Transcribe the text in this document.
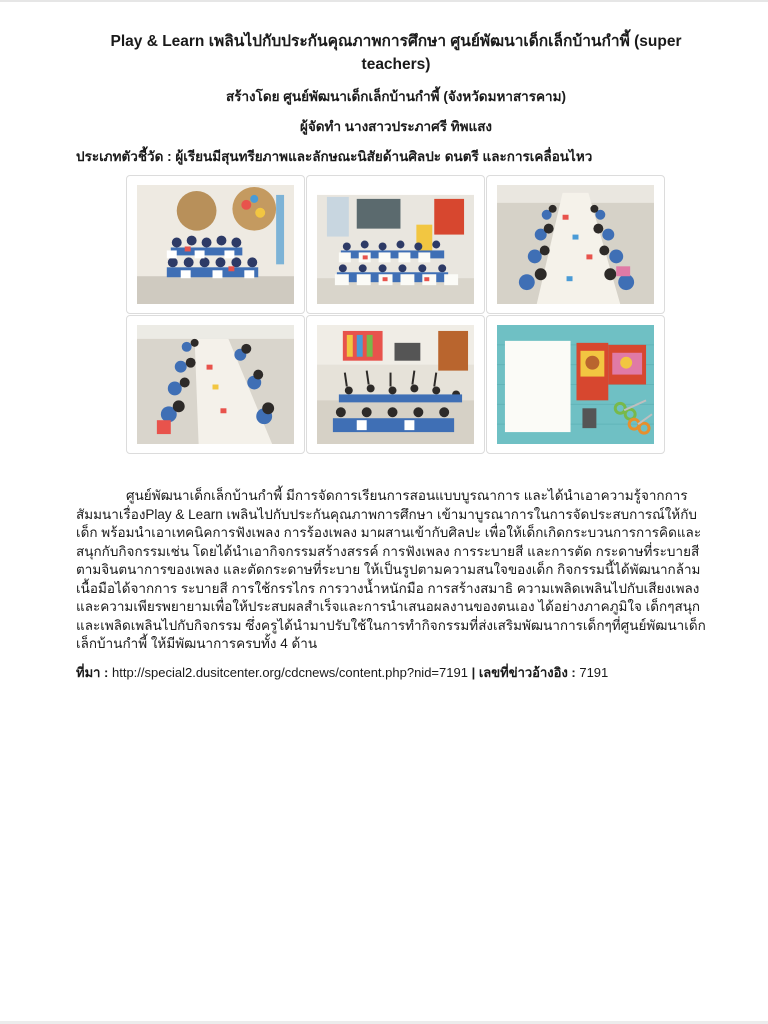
Play & Learn เพลินไปกับประกันคุณภาพการศึกษา ศูนย์พัฒนาเด็กเล็กบ้านกำพี้ (super teachers)
สร้างโดย ศูนย์พัฒนาเด็กเล็กบ้านกำพี้ (จังหวัดมหาสารคาม)
ผู้จัดทำ นางสาวประภาศรี ทิพแสง
ประเภทตัวชี้วัด : ผู้เรียนมีสุนทรียภาพและลักษณะนิสัยด้านศิลปะ ดนตรี และการเคลื่อนไหว

ศูนย์พัฒนาเด็กเล็กบ้านกำพี้ มีการจัดการเรียนการสอนแบบบูรณาการ และได้นำเอาความรู้จากการสัมมนาเรื่องPlay & Learn เพลินไปกับประกันคุณภาพการศึกษา เข้ามาบูรณาการในการจัดประสบการณ์ให้กับเด็ก พร้อมนำเอาเทคนิคการฟังเพลง การร้องเพลง มาผสานเข้ากับศิลปะ เพื่อให้เด็กเกิดกระบวนการการคิดและสนุกกับกิจกรรมเช่น โดยได้นำเอากิจกรรมสร้างสรรค์ การฟังเพลง การระบายสี และการตัด กระดาษที่ระบายสีตามจินตนาการของเพลง และตัดกระดาษที่ระบาย ให้เป็นรูปตามความสนใจของเด็ก กิจกรรมนี้ได้พัฒนากล้ามเนื้อมือได้จากการ ระบายสี การใช้กรรไกร การวางน้ำหนักมือ การสร้างสมาธิ ความเพลิดเพลินไปกับเสียงเพลง และความเพียรพยายามเพื่อให้ประสบผลสำเร็จและการนำเสนอผลงานของตนเอง ได้อย่างภาคภูมิใจ เด็กๆสนุกและเพลิดเพลินไปกับกิจกรรม ซึ่งครูได้นำมาปรับใช้ในการทำกิจกรรมที่ส่งเสริมพัฒนาการเด็กๆที่ศูนย์พัฒนาเด็กเล็กบ้านกำพี้ ให้มีพัฒนาการครบทั้ง 4 ด้าน

ที่มา : http://special2.dusitcenter.org/cdcnews/content.php?nid=7191 | เลขที่ข่าวอ้างอิง : 7191
